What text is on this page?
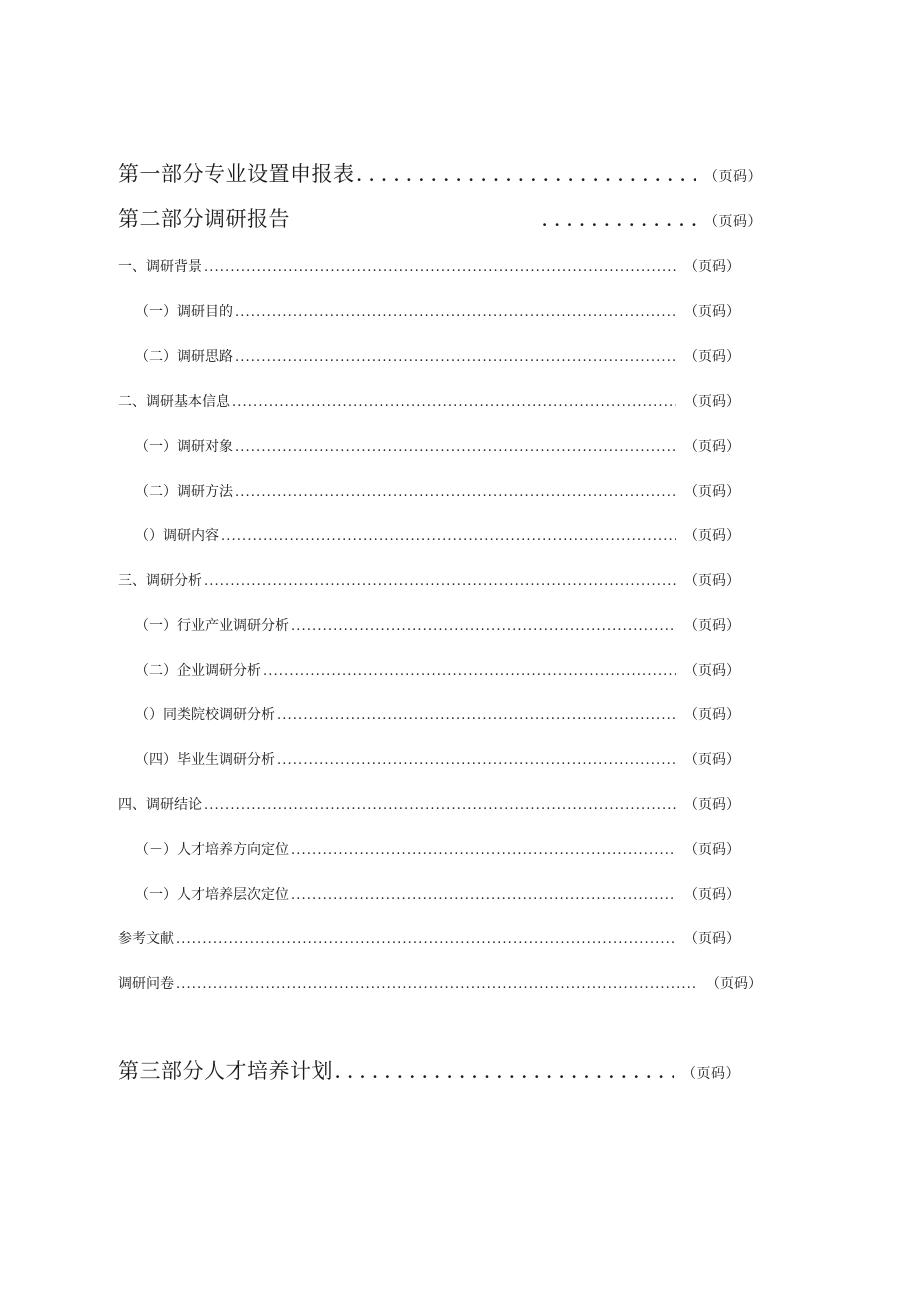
第一部分专业设置申报表 . . .	（页码）
第二部分调研报告 . . .	（页码）
一、调研背景 . . .	（页码）
（一）调研目的 . . .	（页码）
（二）调研思路 . . .	（页码）
二、调研基本信息 . . .	（页码）
（一）调研对象 . . .	（页码）
（二）调研方法 . . .	（页码）
（）调研内容 . . .	（页码）
三、调研分析 . . .	（页码）
（一）行业产业调研分析 . . .	（页码）
（二）企业调研分析 . . .	（页码）
（）同类院校调研分析 . . .	（页码）
（四）毕业生调研分析 . . .	（页码）
四、调研结论 . . .	（页码）
（－）人才培养方向定位 . . .	（页码）
（一）人才培养层次定位 . . .	（页码）
参考文献 . . .	（页码）
调研问卷 . . .	（页码）
第三部分人才培养计划 . . .	（页码）
